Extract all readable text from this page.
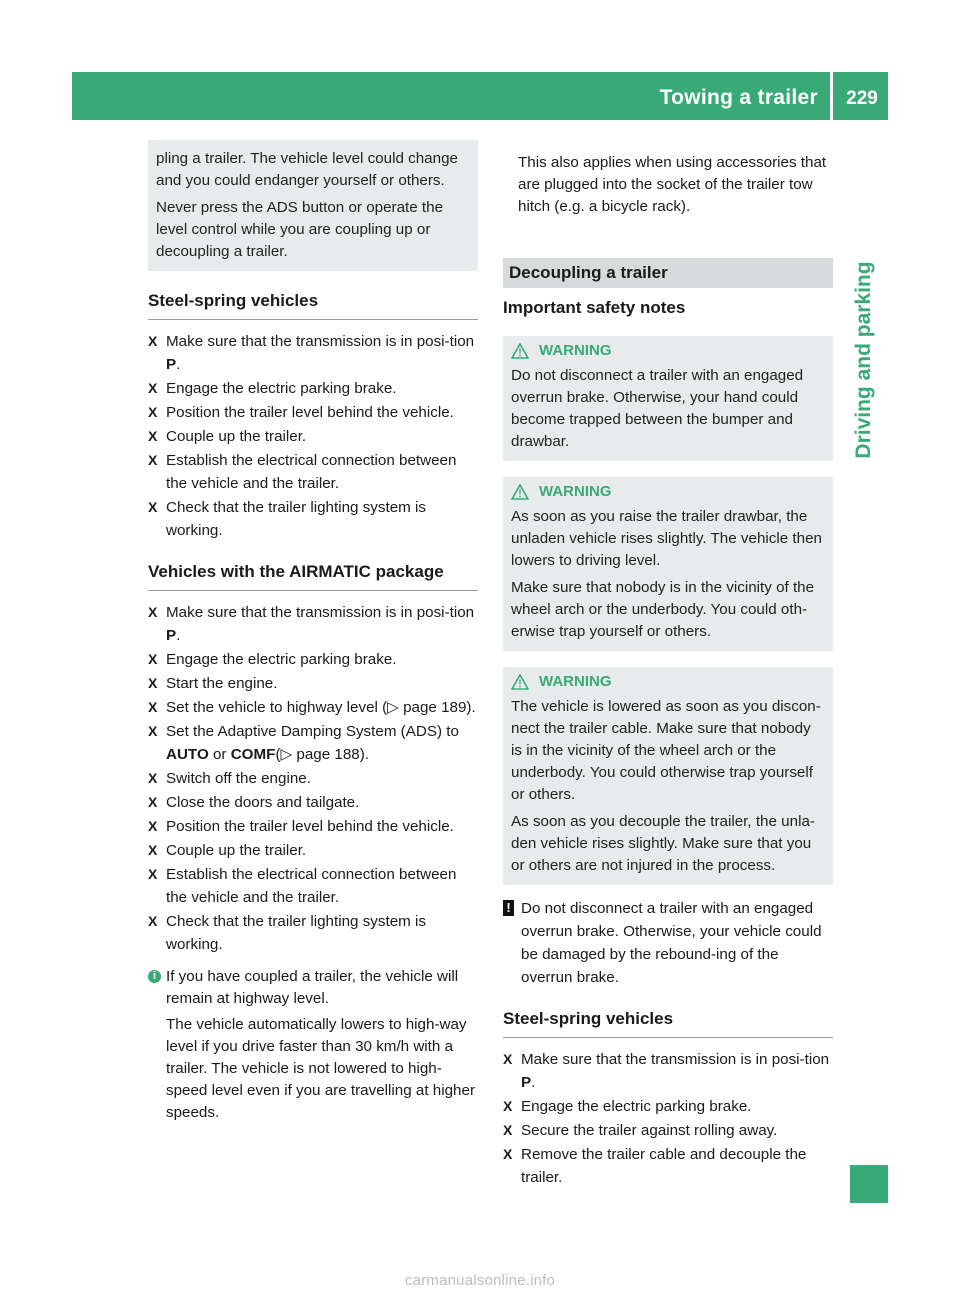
Towing a trailer	229
Driving and parking

pling a trailer. The vehicle level could change and you could endanger yourself or others.

Never press the ADS button or operate the level control while you are coupling up or decoupling a trailer.

Steel-spring vehicles
X Make sure that the transmission is in posi-tion P.
X Engage the electric parking brake.
X Position the trailer level behind the vehicle.
X Couple up the trailer.
X Establish the electrical connection between the vehicle and the trailer.
X Check that the trailer lighting system is working.
Vehicles with the AIRMATIC package
X Make sure that the transmission is in posi-tion P.
X Engage the electric parking brake.
X Start the engine.
X Set the vehicle to highway level (▷ page 189).
X Set the Adaptive Damping System (ADS) to AUTO or COMF(▷ page 188).
X Switch off the engine.
X Close the doors and tailgate.
X Position the trailer level behind the vehicle.
X Couple up the trailer.
X Establish the electrical connection between the vehicle and the trailer.
X Check that the trailer lighting system is working.
i If you have coupled a trailer, the vehicle will remain at highway level.

The vehicle automatically lowers to high-way level if you drive faster than 30 km/h with a trailer. The vehicle is not lowered to high-speed level even if you are travelling at higher speeds.

This also applies when using accessories that are plugged into the socket of the trailer tow hitch (e.g. a bicycle rack).

Decoupling a trailer
Important safety notes
WARNING

Do not disconnect a trailer with an engaged overrun brake. Otherwise, your hand could become trapped between the bumper and drawbar.

WARNING

As soon as you raise the trailer drawbar, the unladen vehicle rises slightly. The vehicle then lowers to driving level.

Make sure that nobody is in the vicinity of the wheel arch or the underbody. You could oth-erwise trap yourself or others.

WARNING

The vehicle is lowered as soon as you discon-nect the trailer cable. Make sure that nobody is in the vicinity of the wheel arch or the underbody. You could otherwise trap yourself or others.

As soon as you decouple the trailer, the unla-den vehicle rises slightly. Make sure that you or others are not injured in the process.

! Do not disconnect a trailer with an engaged overrun brake. Otherwise, your vehicle could be damaged by the rebound-ing of the overrun brake.

Steel-spring vehicles
X Make sure that the transmission is in posi-tion P.
X Engage the electric parking brake.
X Secure the trailer against rolling away.
X Remove the trailer cable and decouple the trailer.
carmanualsonline.info
